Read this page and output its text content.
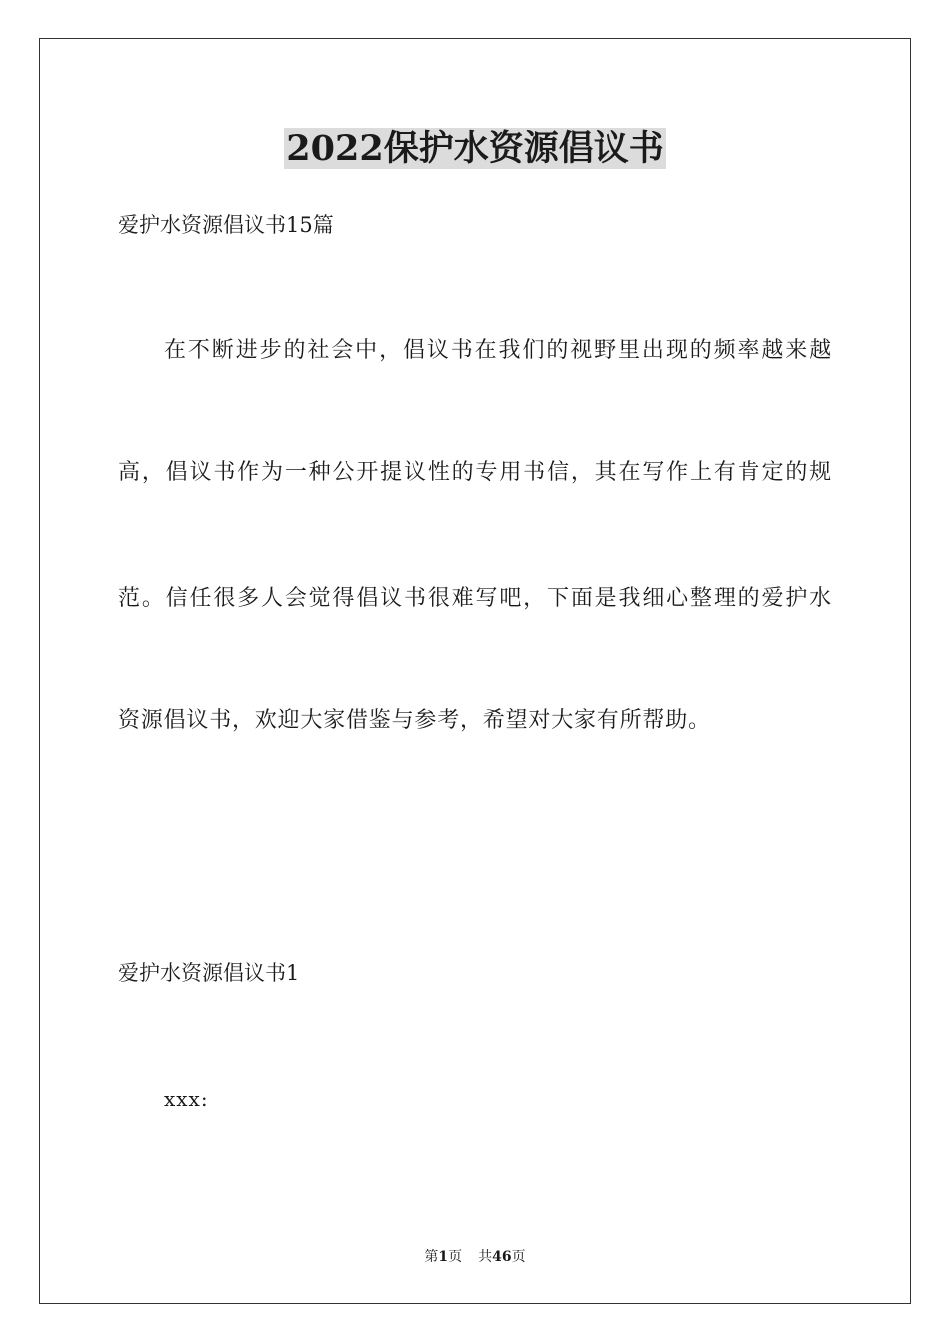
2022保护水资源倡议书
爱护水资源倡议书15篇
在不断进步的社会中，倡议书在我们的视野里出现的频率越来越
高，倡议书作为一种公开提议性的专用书信，其在写作上有肯定的规
范。信任很多人会觉得倡议书很难写吧，下面是我细心整理的爱护水
资源倡议书，欢迎大家借鉴与参考，希望对大家有所帮助。
爱护水资源倡议书1
xxx:
第1页 共46页
